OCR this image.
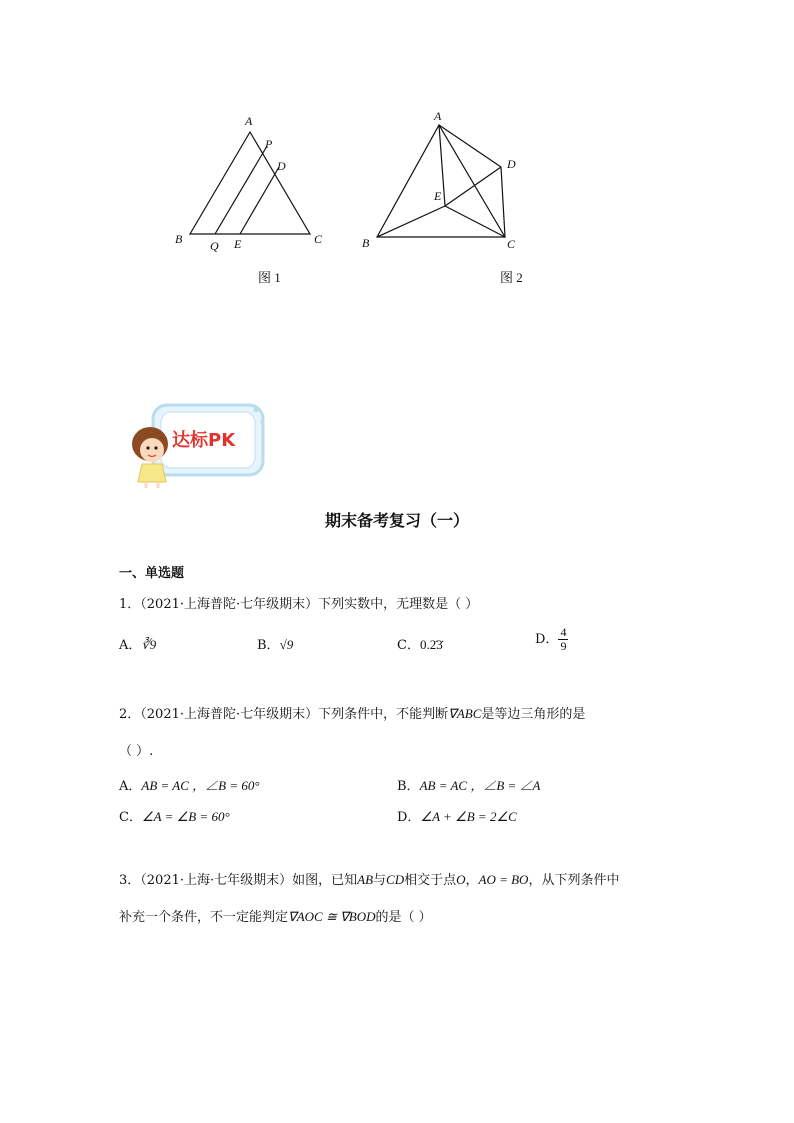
A
P
D
B Q E	C
图 1
A
D
E
B	C
图 2
达标PK
期末备考复习（一）
一、单选题
1．（2021·上海普陀·七年级期末）下列实数中，无理数是（ ）
A．∛9	B．√9	C．0.2̇3̇	D． $\frac{4}{9}$
2．（2021·上海普陀·七年级期末）下列条件中，不能判断∇ABC是等边三角形的是
（ ）.
A．AB = AC ，∠B = 60°	B．AB = AC ，∠B = ∠A
C．∠A = ∠B = 60°	D．∠A + ∠B = 2∠C
3．（2021·上海·七年级期末）如图，已知AB与CD相交于点O，AO = BO，从下列条件中
补充一个条件，不一定能判定∇AOC ≅ ∇BOD的是（ ）
